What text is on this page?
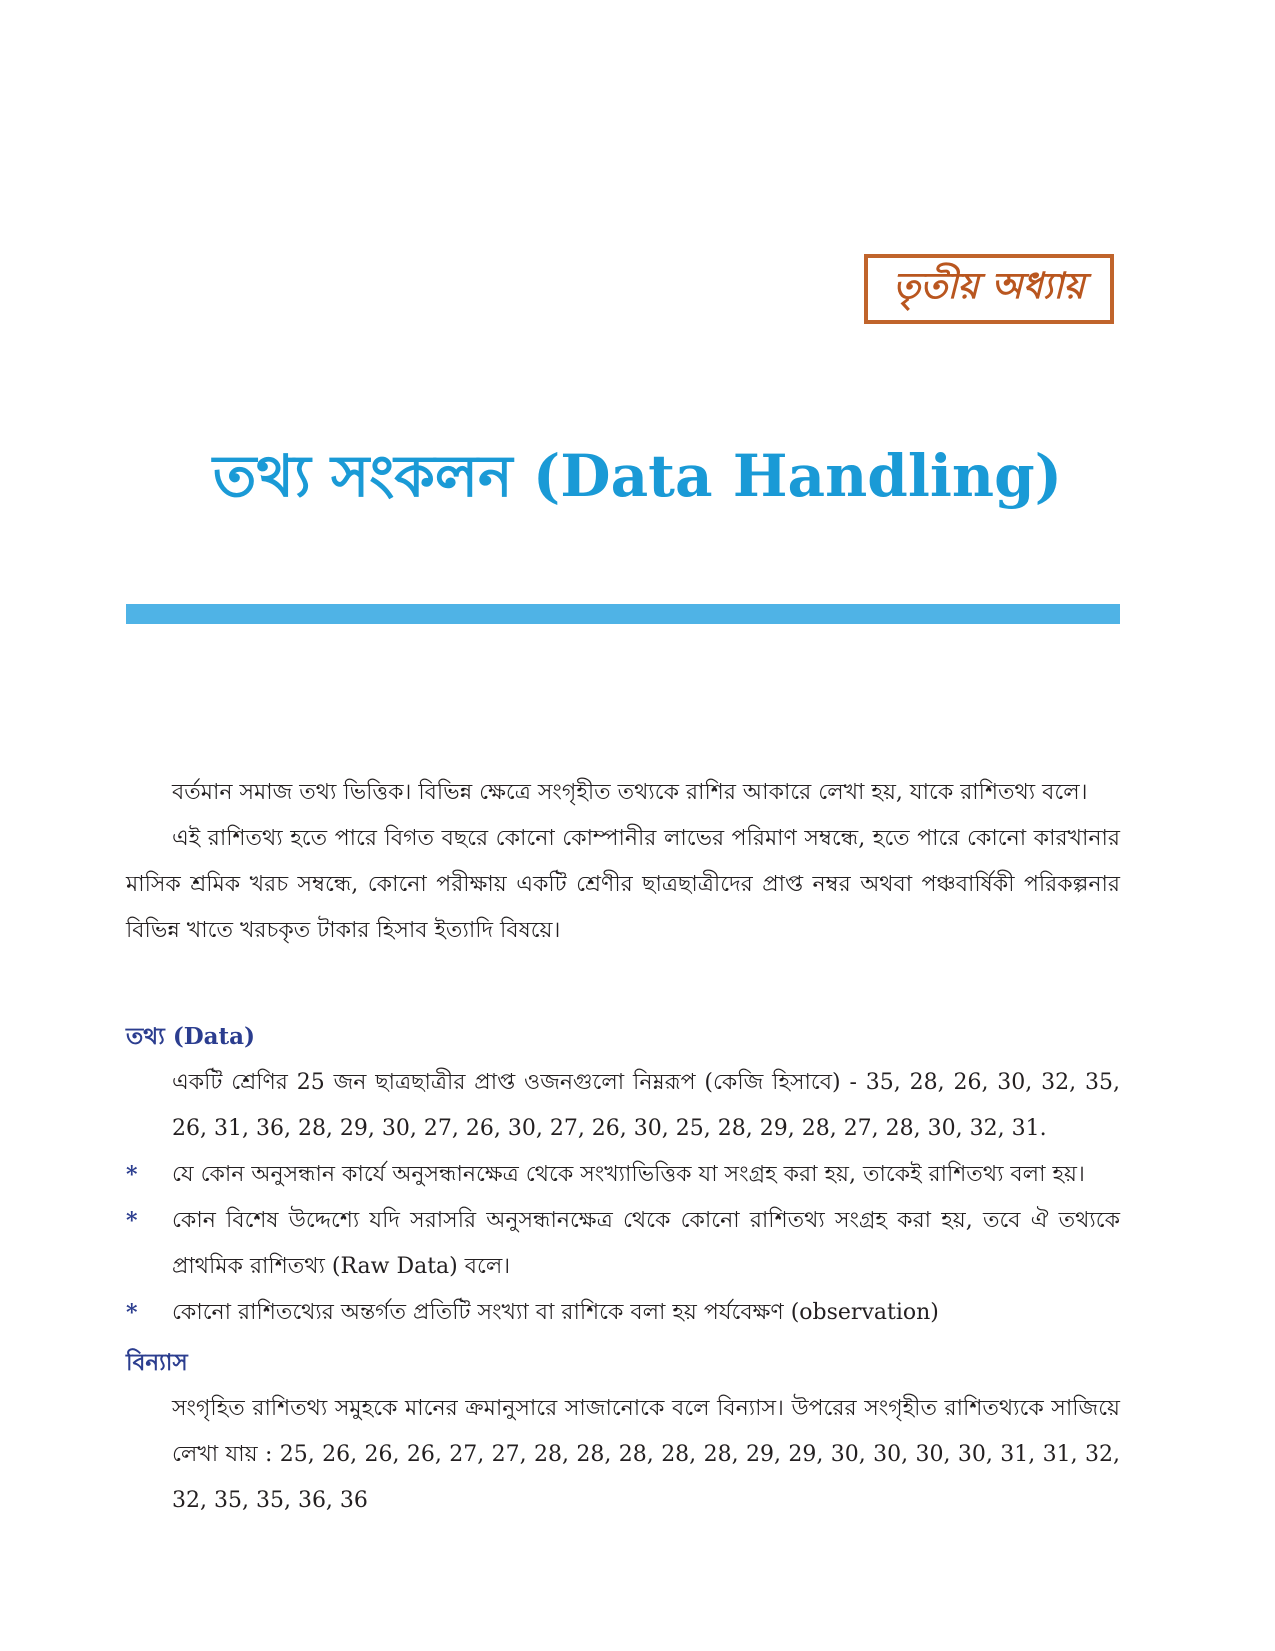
তৃতীয় অধ্যায়
তথ্য সংকলন (Data Handling)

বর্তমান সমাজ তথ্য ভিত্তিক। বিভিন্ন ক্ষেত্রে সংগৃহীত তথ্যকে রাশির আকারে লেখা হয়, যাকে রাশিতথ্য বলে।

এই রাশিতথ্য হতে পারে বিগত বছরে কোনো কোম্পানীর লাভের পরিমাণ সম্বন্ধে, হতে পারে কোনো কারখানার মাসিক শ্রমিক খরচ সম্বন্ধে, কোনো পরীক্ষায় একটি শ্রেণীর ছাত্রছাত্রীদের প্রাপ্ত নম্বর অথবা পঞ্চবার্ষিকী পরিকল্পনার বিভিন্ন খাতে খরচকৃত টাকার হিসাব ইত্যাদি বিষয়ে।

তথ্য (Data)

একটি শ্রেণির 25 জন ছাত্রছাত্রীর প্রাপ্ত ওজনগুলো নিম্নরূপ (কেজি হিসাবে) - 35, 28, 26, 30, 32, 35, 26, 31, 36, 28, 29, 30, 27, 26, 30, 27, 26, 30, 25, 28, 29, 28, 27, 28, 30, 32, 31.

*	যে কোন অনুসন্ধান কার্যে অনুসন্ধানক্ষেত্র থেকে সংখ্যাভিত্তিক যা সংগ্রহ করা হয়, তাকেই রাশিতথ্য বলা হয়।
*	কোন বিশেষ উদ্দেশ্যে যদি সরাসরি অনুসন্ধানক্ষেত্র থেকে কোনো রাশিতথ্য সংগ্রহ করা হয়, তবে ঐ তথ্যকে প্রাথমিক রাশিতথ্য (Raw Data) বলে।
*	কোনো রাশিতথ্যের অন্তর্গত প্রতিটি সংখ্যা বা রাশিকে বলা হয় পর্যবেক্ষণ (observation)
বিন্যাস

সংগৃহিত রাশিতথ্য সমুহকে মানের ক্রমানুসারে সাজানোকে বলে বিন্যাস। উপরের সংগৃহীত রাশিতথ্যকে সাজিয়ে লেখা যায় : 25, 26, 26, 26, 27, 27, 28, 28, 28, 28, 28, 29, 29, 30, 30, 30, 30, 31, 31, 32, 32, 35, 35, 36, 36
